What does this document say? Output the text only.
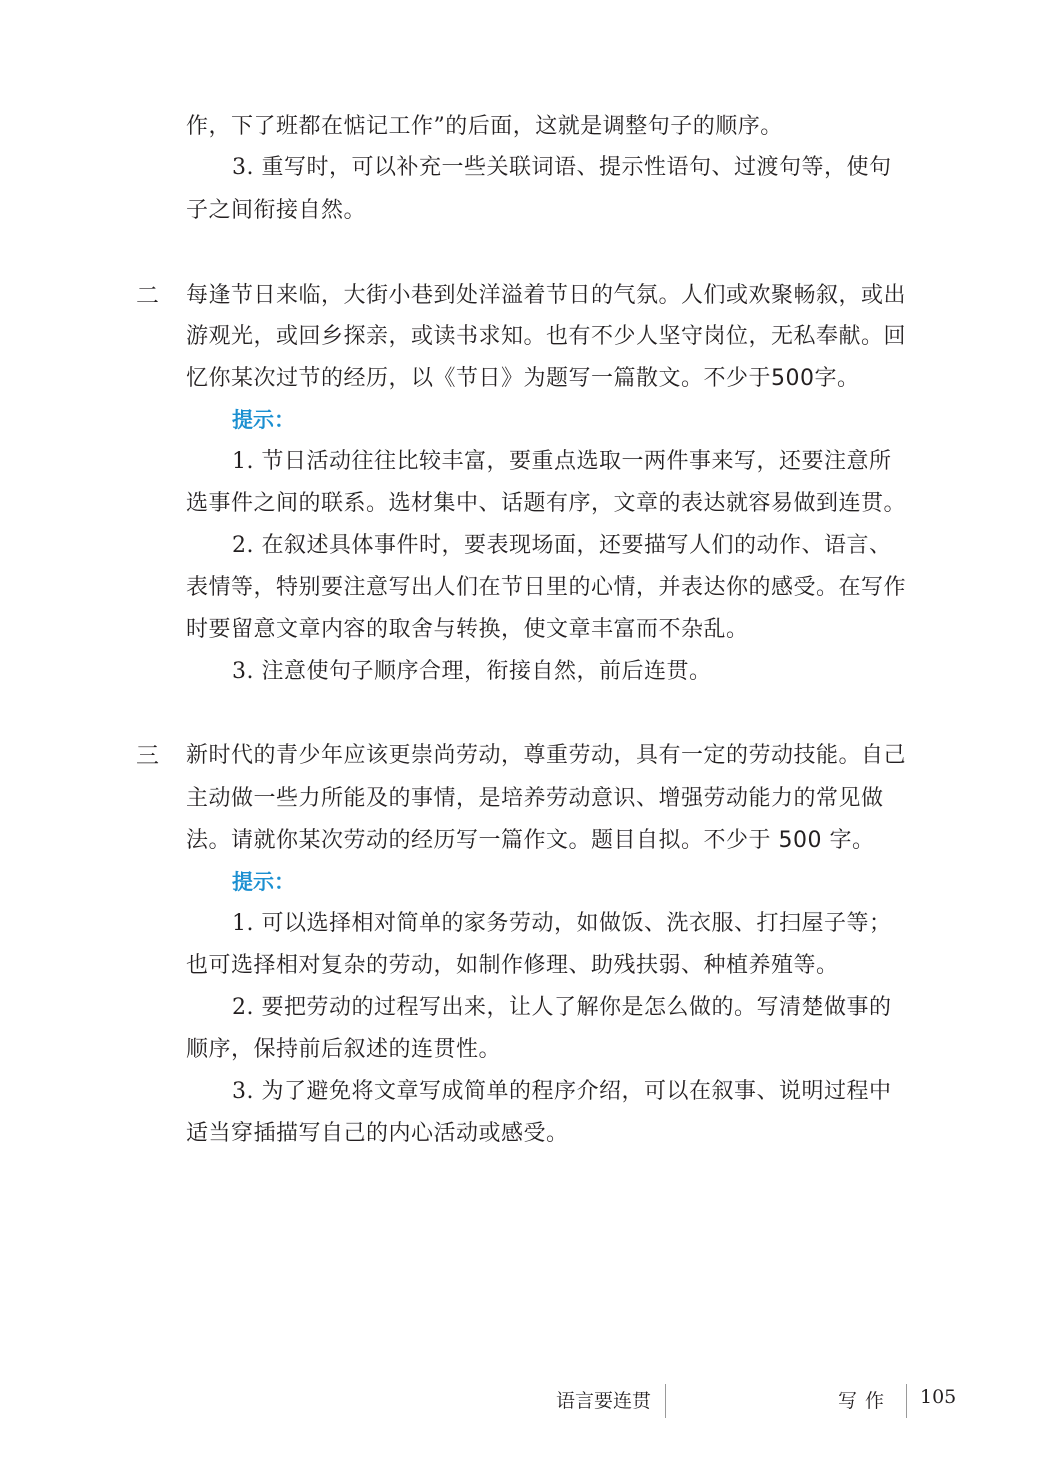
作，下了班都在惦记工作”的后面，这就是调整句子的顺序。
3. 重写时，可以补充一些关联词语、提示性语句、过渡句等，使句
子之间衔接自然。
二 每逢节日来临，大街小巷到处洋溢着节日的气氛。人们或欢聚畅叙，或出
游观光，或回乡探亲，或读书求知。也有不少人坚守岗位，无私奉献。回
忆你某次过节的经历，以《节日》为题写一篇散文。不少于500字。
提示：
1. 节日活动往往比较丰富，要重点选取一两件事来写，还要注意所
选事件之间的联系。选材集中、话题有序，文章的表达就容易做到连贯。
2. 在叙述具体事件时，要表现场面，还要描写人们的动作、语言、
表情等，特别要注意写出人们在节日里的心情，并表达你的感受。在写作
时要留意文章内容的取舍与转换，使文章丰富而不杂乱。
3. 注意使句子顺序合理，衔接自然，前后连贯。
三 新时代的青少年应该更崇尚劳动，尊重劳动，具有一定的劳动技能。自己
主动做一些力所能及的事情，是培养劳动意识、增强劳动能力的常见做
法。请就你某次劳动的经历写一篇作文。题目自拟。不少于 500 字。
提示：
1. 可以选择相对简单的家务劳动，如做饭、洗衣服、打扫屋子等；
也可选择相对复杂的劳动，如制作修理、助残扶弱、种植养殖等。
2. 要把劳动的过程写出来，让人了解你是怎么做的。写清楚做事的
顺序，保持前后叙述的连贯性。
3. 为了避免将文章写成简单的程序介绍，可以在叙事、说明过程中
适当穿插描写自己的内心活动或感受。
语言要连贯	写作 105
